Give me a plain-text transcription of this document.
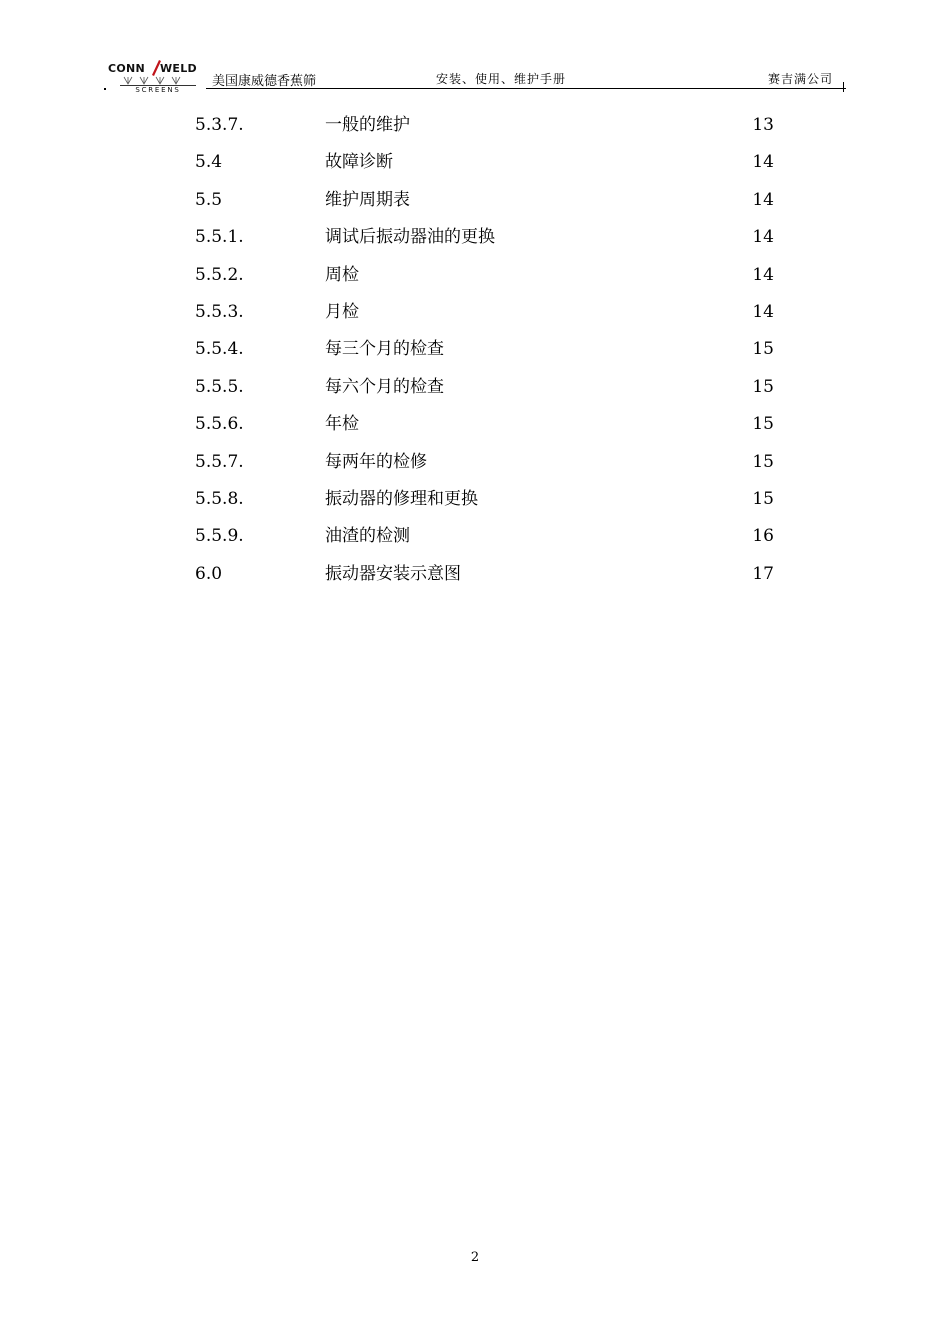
CONN WELD
SCREENS
美国康威德香蕉筛	安装、使用、维护手册	赛吉满公司
5.3.7.	一般的维护	13
5.4	故障诊断	14
5.5	维护周期表	14
5.5.1.	调试后振动器油的更换	14
5.5.2.	周检	14
5.5.3.	月检	14
5.5.4.	每三个月的检查	15
5.5.5.	每六个月的检查	15
5.5.6.	年检	15
5.5.7.	每两年的检修	15
5.5.8.	振动器的修理和更换	15
5.5.9.	油渣的检测	16
6.0	振动器安装示意图	17
2
